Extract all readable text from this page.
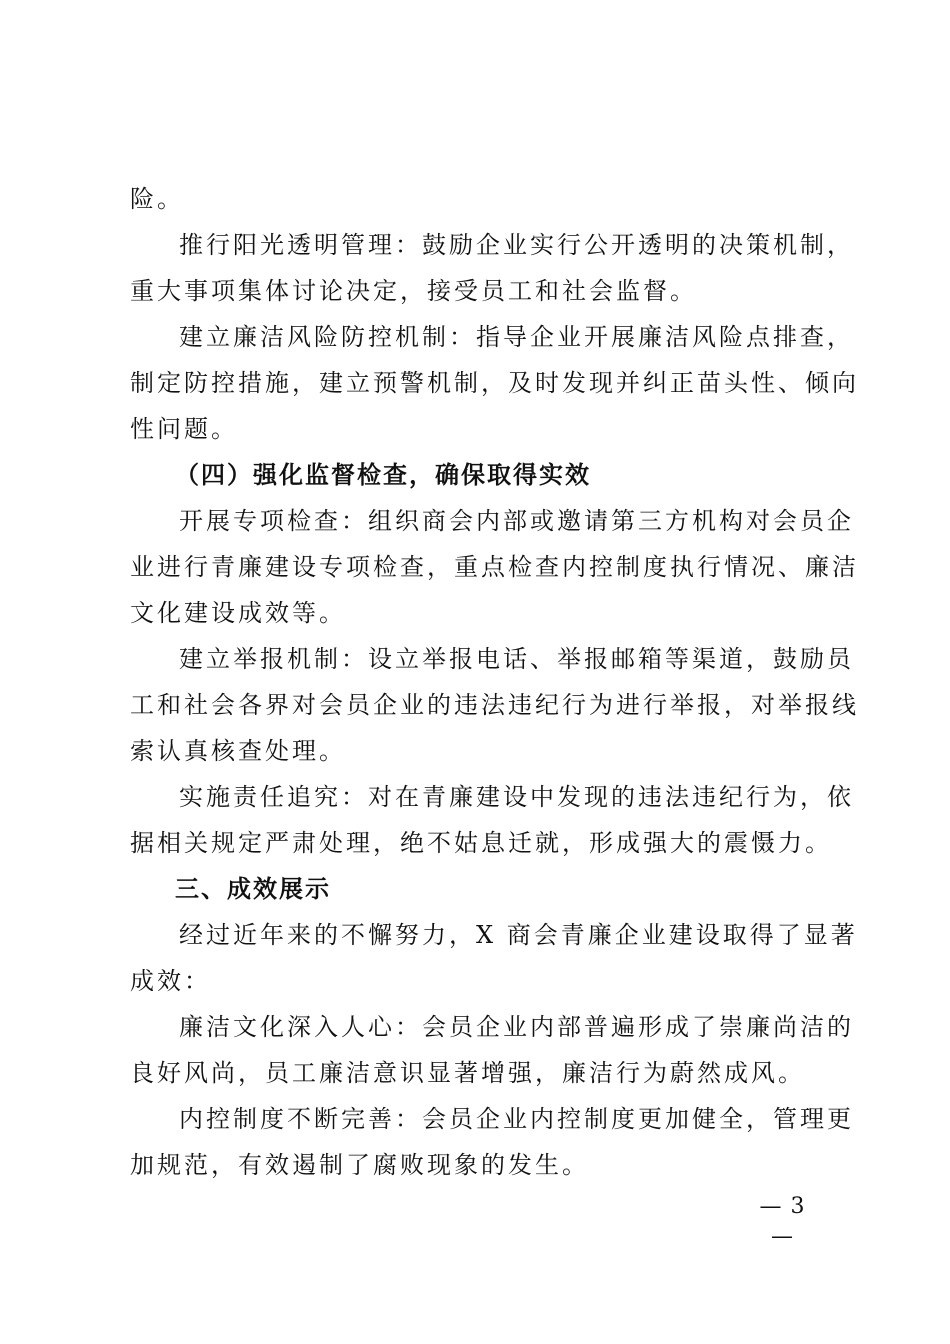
险。
推行阳光透明管理：鼓励企业实行公开透明的决策机制，
重大事项集体讨论决定，接受员工和社会监督。
建立廉洁风险防控机制：指导企业开展廉洁风险点排查，
制定防控措施，建立预警机制，及时发现并纠正苗头性、倾向
性问题。
（四）强化监督检查，确保取得实效
开展专项检查：组织商会内部或邀请第三方机构对会员企
业进行青廉建设专项检查，重点检查内控制度执行情况、廉洁
文化建设成效等。
建立举报机制：设立举报电话、举报邮箱等渠道，鼓励员
工和社会各界对会员企业的违法违纪行为进行举报，对举报线
索认真核查处理。
实施责任追究：对在青廉建设中发现的违法违纪行为，依
据相关规定严肃处理，绝不姑息迁就，形成强大的震慑力。
三、成效展示
经过近年来的不懈努力，X 商会青廉企业建设取得了显著
成效：
廉洁文化深入人心：会员企业内部普遍形成了崇廉尚洁的
良好风尚，员工廉洁意识显著增强，廉洁行为蔚然成风。
内控制度不断完善：会员企业内控制度更加健全，管理更
加规范，有效遏制了腐败现象的发生。
— 3 —
